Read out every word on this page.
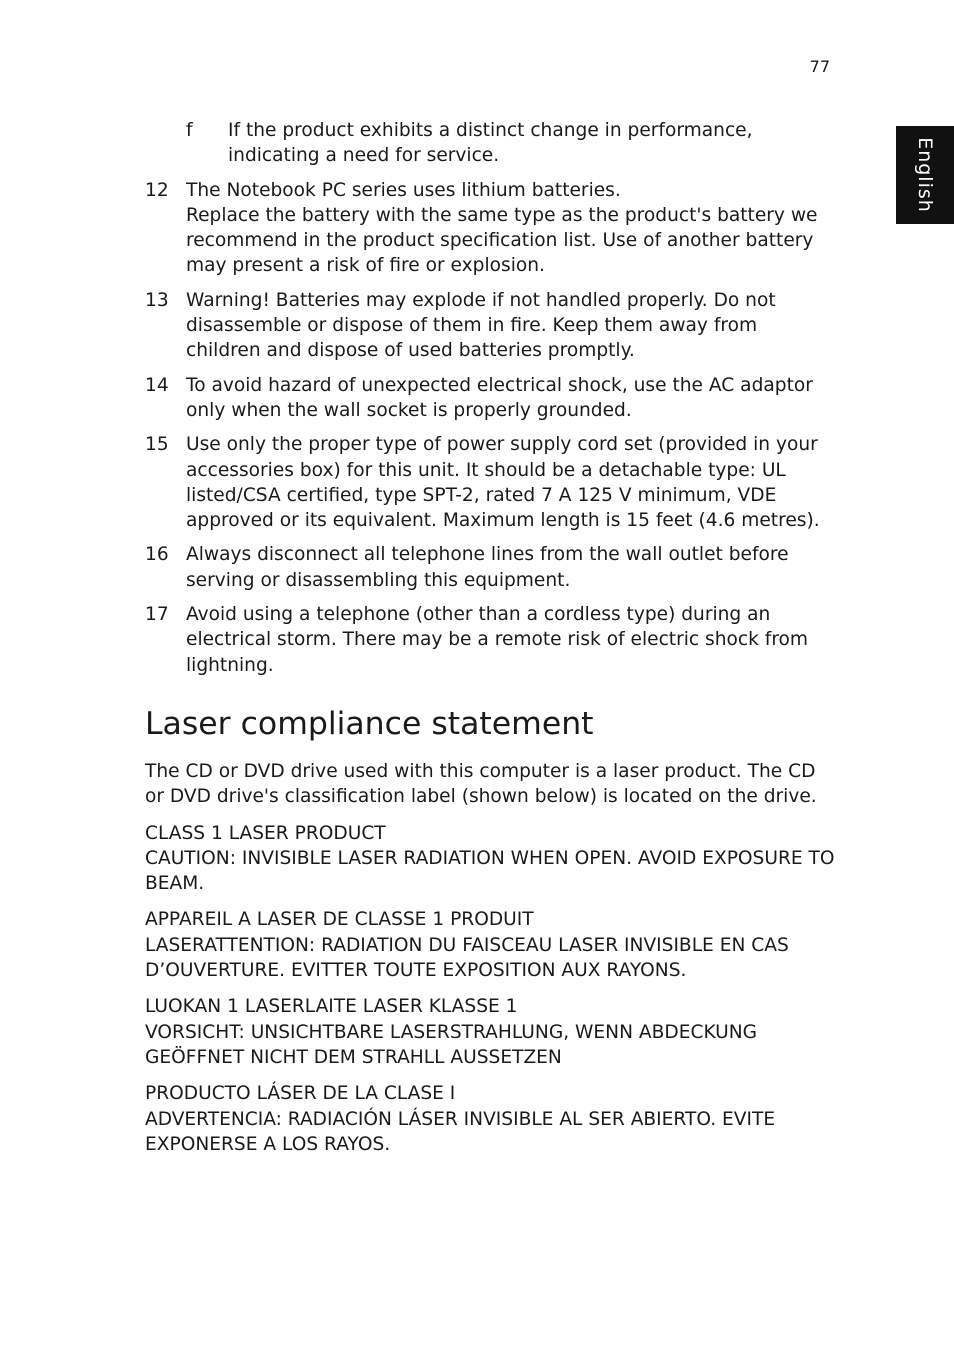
77
English
f	If the product exhibits a distinct change in performance, indicating a need for service.
12 The Notebook PC series uses lithium batteries.
Replace the battery with the same type as the product's battery we recommend in the product specification list. Use of another battery may present a risk of fire or explosion.
13 Warning! Batteries may explode if not handled properly. Do not disassemble or dispose of them in fire. Keep them away from children and dispose of used batteries promptly.
14 To avoid hazard of unexpected electrical shock, use the AC adaptor only when the wall socket is properly grounded.
15 Use only the proper type of power supply cord set (provided in your accessories box) for this unit. It should be a detachable type: UL listed/CSA certified, type SPT-2, rated 7 A 125 V minimum, VDE approved or its equivalent. Maximum length is 15 feet (4.6 metres).
16 Always disconnect all telephone lines from the wall outlet before serving or disassembling this equipment.
17 Avoid using a telephone (other than a cordless type) during an electrical storm. There may be a remote risk of electric shock from lightning.
Laser compliance statement

The CD or DVD drive used with this computer is a laser product. The CD or DVD drive's classification label (shown below) is located on the drive.

CLASS 1 LASER PRODUCT
CAUTION: INVISIBLE LASER RADIATION WHEN OPEN. AVOID EXPOSURE TO BEAM.

APPAREIL A LASER DE CLASSE 1 PRODUIT
LASERATTENTION: RADIATION DU FAISCEAU LASER INVISIBLE EN CAS D’OUVERTURE. EVITTER TOUTE EXPOSITION AUX RAYONS.

LUOKAN 1 LASERLAITE LASER KLASSE 1
VORSICHT: UNSICHTBARE LASERSTRAHLUNG, WENN ABDECKUNG GEÖFFNET NICHT DEM STRAHLL AUSSETZEN

PRODUCTO LÁSER DE LA CLASE I
ADVERTENCIA: RADIACIÓN LÁSER INVISIBLE AL SER ABIERTO. EVITE EXPONERSE A LOS RAYOS.
